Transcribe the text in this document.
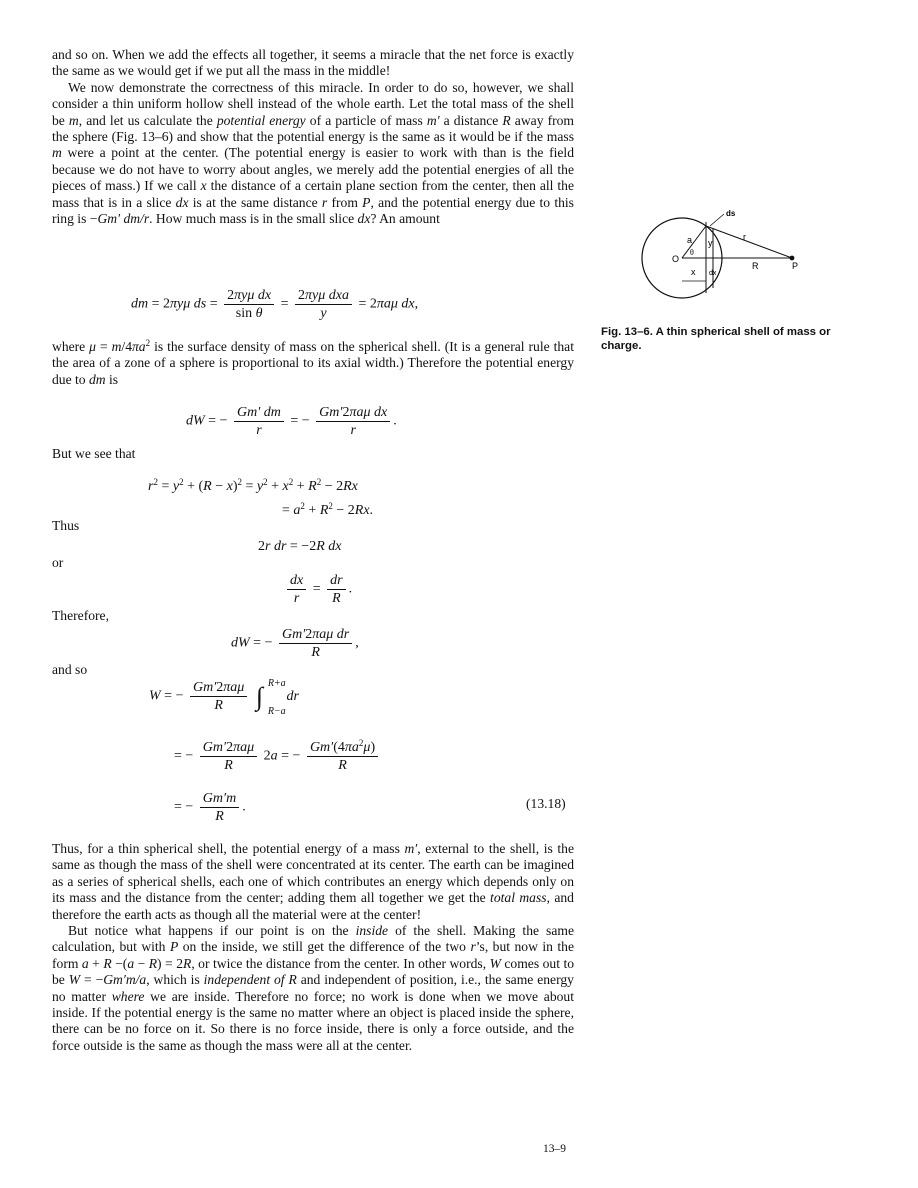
and so on. When we add the effects all together, it seems a miracle that the net force is exactly the same as we would get if we put all the mass in the middle!

We now demonstrate the correctness of this miracle. In order to do so, however, we shall consider a thin uniform hollow shell instead of the whole earth. Let the total mass of the shell be m, and let us calculate the potential energy of a particle of mass m′ a distance R away from the sphere (Fig. 13–6) and show that the potential energy is the same as it would be if the mass m were a point at the center. (The potential energy is easier to work with than is the field because we do not have to worry about angles, we merely add the potential energies of all the pieces of mass.) If we call x the distance of a certain plane section from the center, then all the mass that is in a slice dx is at the same distance r from P, and the potential energy due to this ring is −Gm′ dm/r. How much mass is in the small slice dx? An amount

dm = 2πyμ ds = $\frac{\text{2πyμ dx}}{\text{sin θ}} = \frac{\text{2πyμ dxa}}{y} = 2\pi a\mu$ dx,

where $\mu = m/4\pi a^2$ is the surface density of mass on the spherical shell. (It is a general rule that the area of a zone of a sphere is proportional to its axial width.) Therefore the potential energy due to dm is

dW = − $\frac{Gm' dm}{r}$ = − $\frac{\text{Gm′2πaμ dx}}{r}$ .
But we see that
$r^2 = y^2 + (R - x)^2 = y^2 + x^2 + R^2 - 2Rx$
= $a^2 + R^2 - 2Rx$.
Thus
2r dr = −2R dx
or
$\frac{dx}{r} = \frac{dr}{R}$ .
Therefore,
dW = − $\frac{\text{Gm′2πaμ dr}}{R}$ ,
and so
W = − $\frac{\text{Gm′2πaμ}}{R}$ ∫ R+a
R−a
dr
= − $\frac{\text{Gm′2πaμ}}{R} 2a$ = − $\frac{Gm'(4\pi a^2\mu)}{R}$
= − $\frac{Gm'm}{R}$ .	(13.18)

Thus, for a thin spherical shell, the potential energy of a mass m′, external to the shell, is the same as though the mass of the shell were concentrated at its center. The earth can be imagined as a series of spherical shells, each one of which contributes an energy which depends only on its mass and the distance from the center; adding them all together we get the total mass, and therefore the earth acts as though all the material were at the center!

But notice what happens if our point is on the inside of the shell. Making the same calculation, but with P on the inside, we still get the difference of the two r’s, but now in the form a + R −(a − R) = 2R, or twice the distance from the center. In other words, W comes out to be W = −Gm′m/a, which is independent of R and independent of position, i.e., the same energy no matter where we are inside. Therefore no force; no work is done when we move about inside. If the potential energy is the same no matter where an object is placed inside the sphere, there can be no force on it. So there is no force inside, there is only a force outside, and the force outside is the same as though the mass were all at the center.

ds
a y
r
O
θ
R	P
x dx
Fig. 13–6. A thin spherical shell of mass or charge.
13–9
